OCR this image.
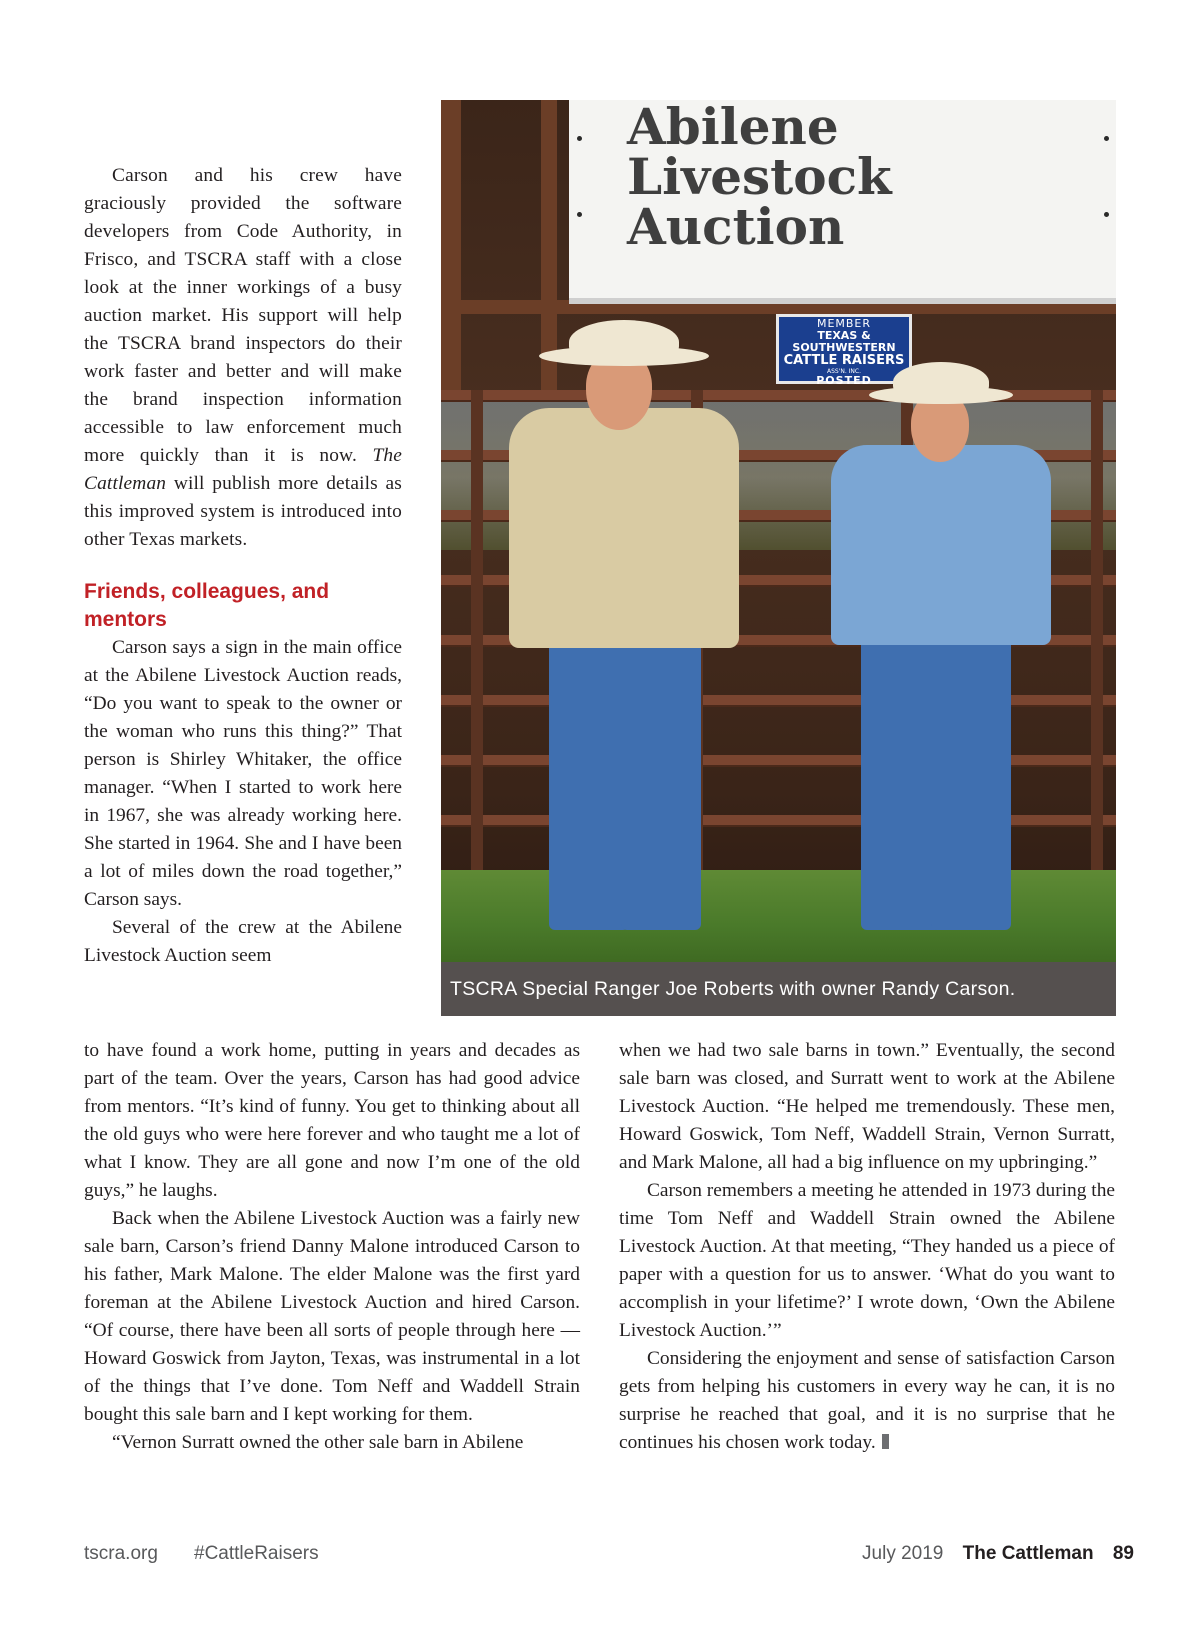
Carson and his crew have graciously provided the software developers from Code Authority, in Frisco, and TSCRA staff with a close look at the inner workings of a busy auction market. His support will help the TSCRA brand inspectors do their work faster and better and will make the brand inspection information accessible to law enforcement much more quickly than it is now. The Cattleman will publish more details as this improved system is introduced into other Texas markets.

Friends, colleagues, and mentors

Carson says a sign in the main office at the Abilene Livestock Auction reads, “Do you want to speak to the owner or the woman who runs this thing?” That person is Shirley Whitaker, the office manager. “When I started to work here in 1967, she was already working here. She started in 1964. She and I have been a lot of miles down the road together,” Carson says.

Several of the crew at the Abilene Livestock Auction seem

Abilene
Livestock
Auction
MEMBER
TEXAS & SOUTHWESTERN
CATTLE RAISERS
ASS'N. INC.
POSTED
TSCRA Special Ranger Joe Roberts with owner Randy Carson.

to have found a work home, putting in years and decades as part of the team. Over the years, Carson has had good advice from mentors. “It’s kind of funny. You get to thinking about all the old guys who were here forever and who taught me a lot of what I know. They are all gone and now I’m one of the old guys,” he laughs.

Back when the Abilene Livestock Auction was a fairly new sale barn, Carson’s friend Danny Malone introduced Carson to his father, Mark Malone. The elder Malone was the first yard foreman at the Abilene Livestock Auction and hired Carson. “Of course, there have been all sorts of people through here — Howard Goswick from Jayton, Texas, was instrumental in a lot of the things that I’ve done. Tom Neff and Waddell Strain bought this sale barn and I kept working for them.

“Vernon Surratt owned the other sale barn in Abilene

when we had two sale barns in town.” Eventually, the second sale barn was closed, and Surratt went to work at the Abilene Livestock Auction. “He helped me tremendously. These men, Howard Goswick, Tom Neff, Waddell Strain, Vernon Surratt, and Mark Malone, all had a big influence on my upbringing.”

Carson remembers a meeting he attended in 1973 during the time Tom Neff and Waddell Strain owned the Abilene Livestock Auction. At that meeting, “They handed us a piece of paper with a question for us to answer. ‘What do you want to accomplish in your lifetime?’ I wrote down, ‘Own the Abilene Livestock Auction.’”

Considering the enjoyment and sense of satisfaction Carson gets from helping his customers in every way he can, it is no surprise he reached that goal, and it is no surprise that he continues his chosen work today.

tscra.org #CattleRaisers	July 2019 The Cattleman 89
